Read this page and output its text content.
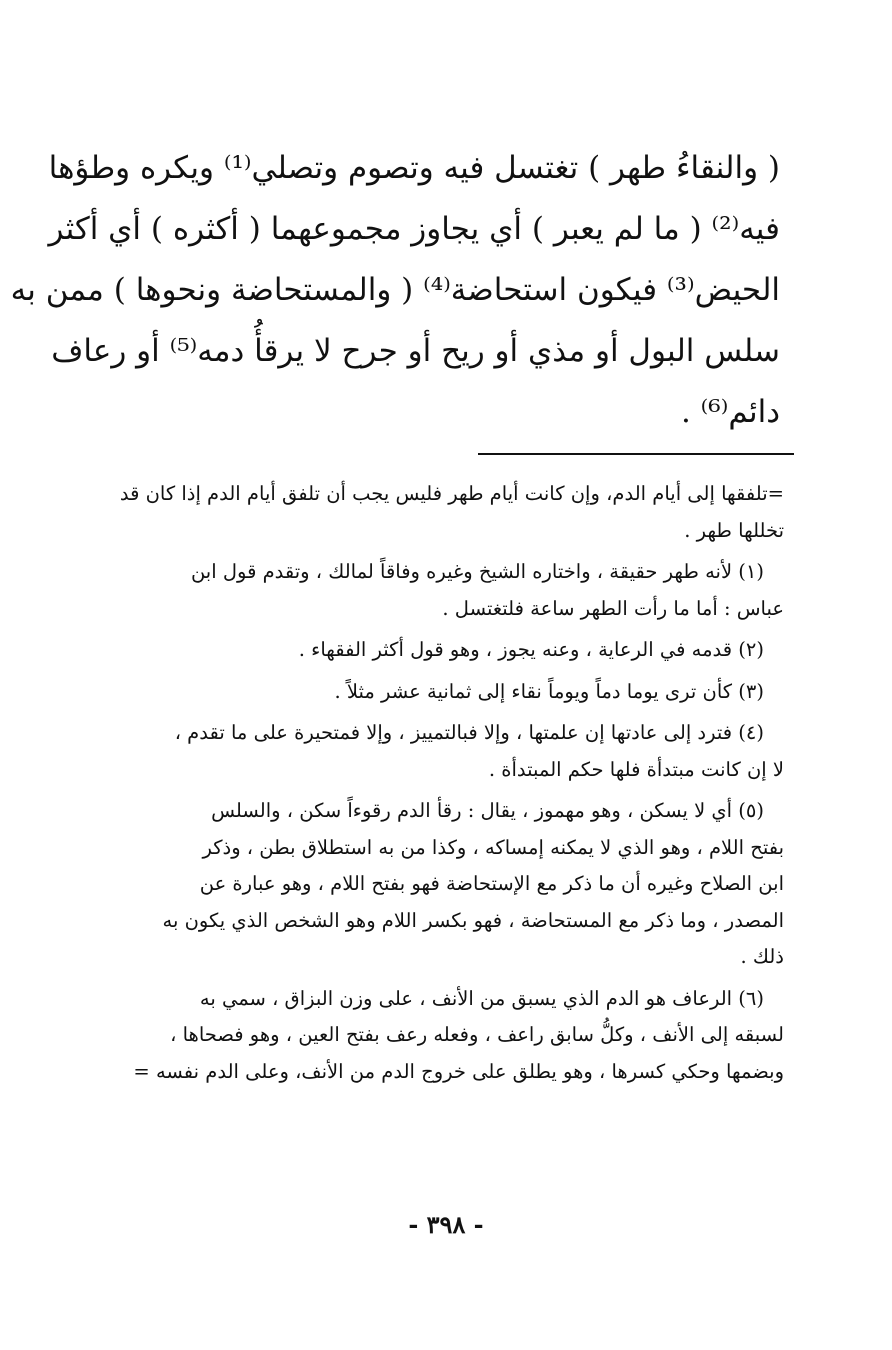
( والنقاءُ طهر ) تغتسل فيه وتصوم وتصلي⁽¹⁾ ويكره وطؤها
فيه⁽²⁾ ( ما لم يعبر ) أي يجاوز مجموعهما ( أكثره ) أي أكثر
الحيض⁽³⁾ فيكون استحاضة⁽⁴⁾ ( والمستحاضة ونحوها ) ممن به
سلس البول أو مذي أو ريح أو جرح لا يرقأُ دمه⁽⁵⁾ أو رعاف
دائم⁽⁶⁾ .
=تلفقها إلى أيام الدم، وإن كانت أيام طهر فليس يجب أن تلفق أيام الدم إذا كان قد
تخللها طهر .
(١) لأنه طهر حقيقة ، واختاره الشيخ وغيره وفاقاً لمالك ، وتقدم قول ابن
عباس : أما ما رأت الطهر ساعة فلتغتسل .
(٢) قدمه في الرعاية ، وعنه يجوز ، وهو قول أكثر الفقهاء .
(٣) كأن ترى يوما دماً ويوماً نقاء إلى ثمانية عشر مثلاً .
(٤) فترد إلى عادتها إن علمتها ، وإلا فبالتمييز ، وإلا فمتحيرة على ما تقدم ،
لا إن كانت مبتدأة فلها حكم المبتدأة .
(٥) أي لا يسكن ، وهو مهموز ، يقال : رقأ الدم رقوءاً سكن ، والسلس
بفتح اللام ، وهو الذي لا يمكنه إمساكه ، وكذا من به استطلاق بطن ، وذكر
ابن الصلاح وغيره أن ما ذكر مع الإستحاضة فهو بفتح اللام ، وهو عبارة عن
المصدر ، وما ذكر مع المستحاضة ، فهو بكسر اللام وهو الشخص الذي يكون به
ذلك .
(٦) الرعاف هو الدم الذي يسبق من الأنف ، على وزن البزاق ، سمي به
لسبقه إلى الأنف ، وكلُّ سابق راعف ، وفعله رعف بفتح العين ، وهو فصحاها ،
وبضمها وحكي كسرها ، وهو يطلق على خروج الدم من الأنف، وعلى الدم نفسه =
- ٣٩٨ -
